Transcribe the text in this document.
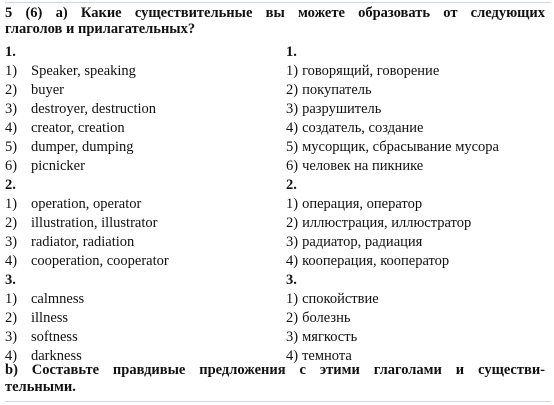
5 (6) a) Какие существительные вы можете образовать от следующих
глаголов и прилагательных?
1.
1) Speaker, speaking
2) buyer
3) destroyer, destruction
4) creator, creation
5) dumper, dumping
6) picnicker
2.
1) operation, operator
2) illustration, illustrator
3) radiator, radiation
4) cooperation, cooperator
3.
1) calmness
2) illness
3) softness
4) darkness
1.
1) говорящий, говорение
2) покупатель
3) разрушитель
4) создатель, создание
5) мусорщик, сбрасывание мусора
6) человек на пикнике
2.
1) операция, оператор
2) иллюстрация, иллюстратор
3) радиатор, радиация
4) кооперация, кооператор
3.
1) спокойствие
2) болезнь
3) мягкость
4) темнота
b) Составьте правдивые предложения с этими глаголами и существи-
тельными.
